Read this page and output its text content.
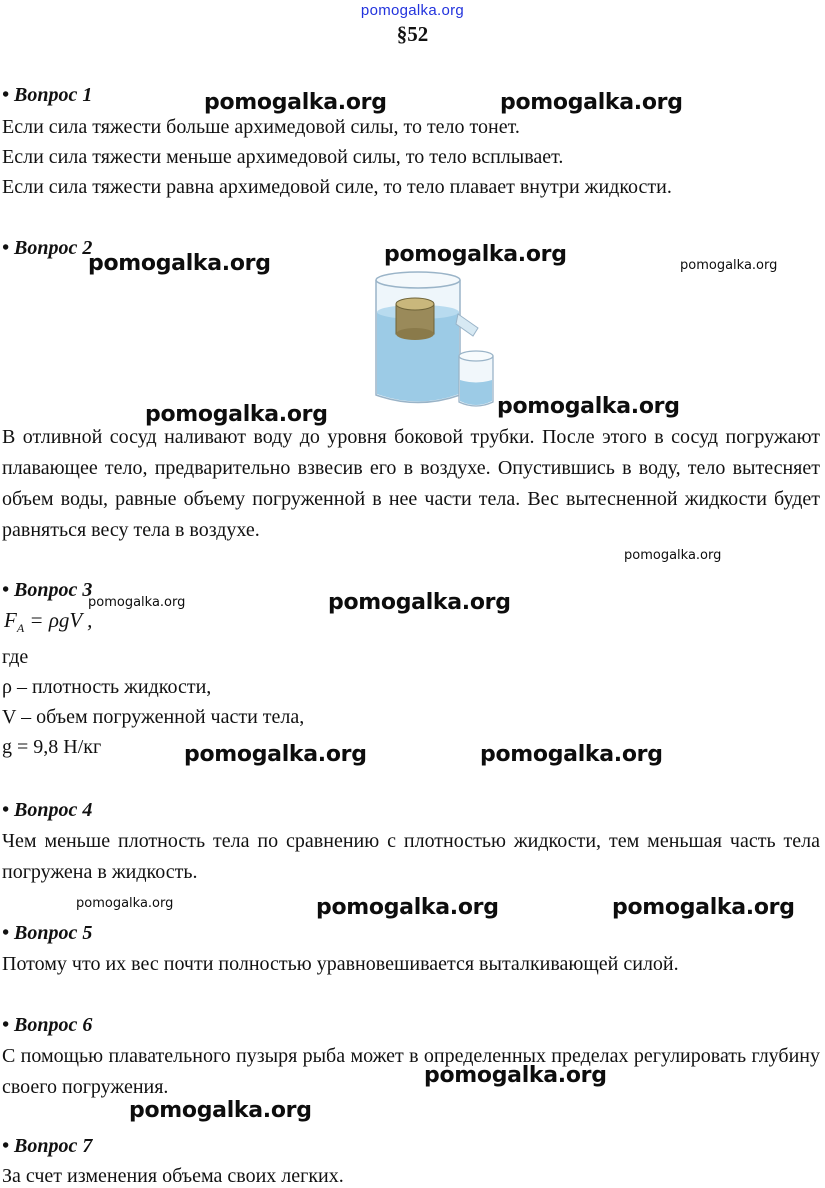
pomogalka.org
§52
• Вопрос 1
Если сила тяжести больше архимедовой силы, то тело тонет.
Если сила тяжести меньше архимедовой силы, то тело всплывает.
Если сила тяжести равна архимедовой силе, то тело плавает внутри жидкости.
• Вопрос 2
В отливной сосуд наливают воду до уровня боковой трубки. После этого в сосуд погружают плавающее тело, предварительно взвесив его в воздухе. Опустившись в воду, тело вытесняет объем воды, равные объему погруженной в нее части тела. Вес вытесненной жидкости будет равняться весу тела в воздухе.
• Вопрос 3
$F_A = \rho gV$ ,
где
ρ – плотность жидкости,
V – объем погруженной части тела,
g = 9,8 Н/кг
• Вопрос 4
Чем меньше плотность тела по сравнению с плотностью жидкости, тем меньшая часть тела погружена в жидкость.
• Вопрос 5
Потому что их вес почти полностью уравновешивается выталкивающей силой.
• Вопрос 6
С помощью плавательного пузыря рыба может в определенных пределах регулировать глубину своего погружения.
• Вопрос 7
За счет изменения объема своих легких.
pomogalka.org	pomogalka.org
pomogalka.org	pomogalka.org	pomogalka.org
pomogalka.org	pomogalka.org
pomogalka.org
pomogalka.org	pomogalka.org
pomogalka.org	pomogalka.org
pomogalka.org	pomogalka.org	pomogalka.org
pomogalka.org
pomogalka.org
